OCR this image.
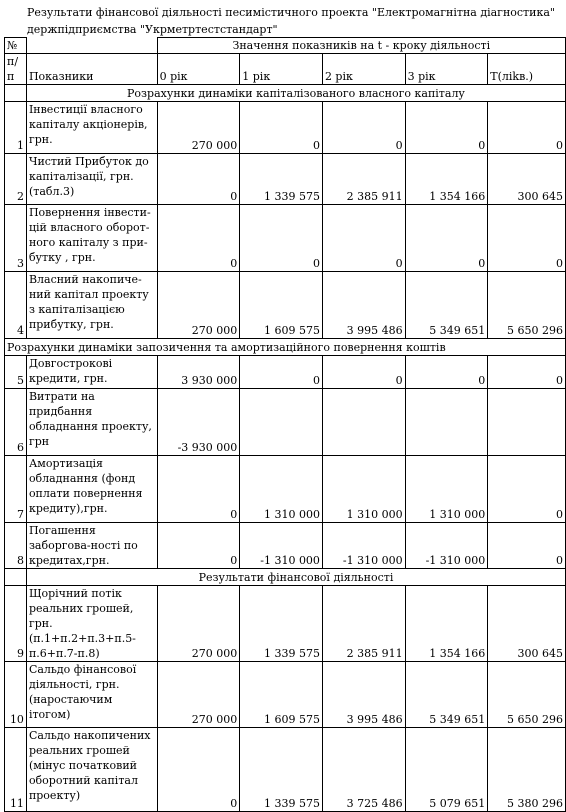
Результати фінансової діяльності песимістичного проекта "Електромагнітна діагностика"
держпідприємства "Укрметртестстандарт"
№		Значення показників на t - кроку діяльності				
п/п	Показники	0 рік	1 рік	2 рік	3 рік	Т(ліkв.)
	Розрахунки динаміки капіталізованого власного капіталу					
1	Інвестиції власного капіталу акціонерів, грн.	270 000	0	0	0	0
2	Чистий Прибуток до капіталізації, грн.(табл.3)	0	1 339 575	2 385 911	1 354 166	300 645
3	Повернення інвести-цій власного оборот-ного капіталу з при-бутку , грн.	0	0	0	0	0
4	Власний накопиче-ний капітал проекту з капіталізацією прибутку, грн.	270 000	1 609 575	3 995 486	5 349 651	5 650 296
Розрахунки динаміки запозичення та амортизаційного повернення коштів						
5	Довгострокові кредити, грн.	3 930 000	0	0	0	0
6	Витрати на придбання обладнання проекту, грн	-3 930 000				
7	Амортизація обладнання (фонд оплати повернення кредиту),грн.	0	1 310 000	1 310 000	1 310 000	0
8	Погашення заборгова-ності по кредитах,грн.	0	-1 310 000	-1 310 000	-1 310 000	0
	Результати фінансової діяльності					
9	Щорічний потік реальних грошей, грн.(п.1+п.2+п.3+п.5-п.6+п.7-п.8)	270 000	1 339 575	2 385 911	1 354 166	300 645
10	Сальдо фінансової діяльності, грн. (наростаючим ітогом)	270 000	1 609 575	3 995 486	5 349 651	5 650 296
11	Сальдо накопичених реальних грошей (мінус початковий оборотний капітал проекту)	0	1 339 575	3 725 486	5 079 651	5 380 296
